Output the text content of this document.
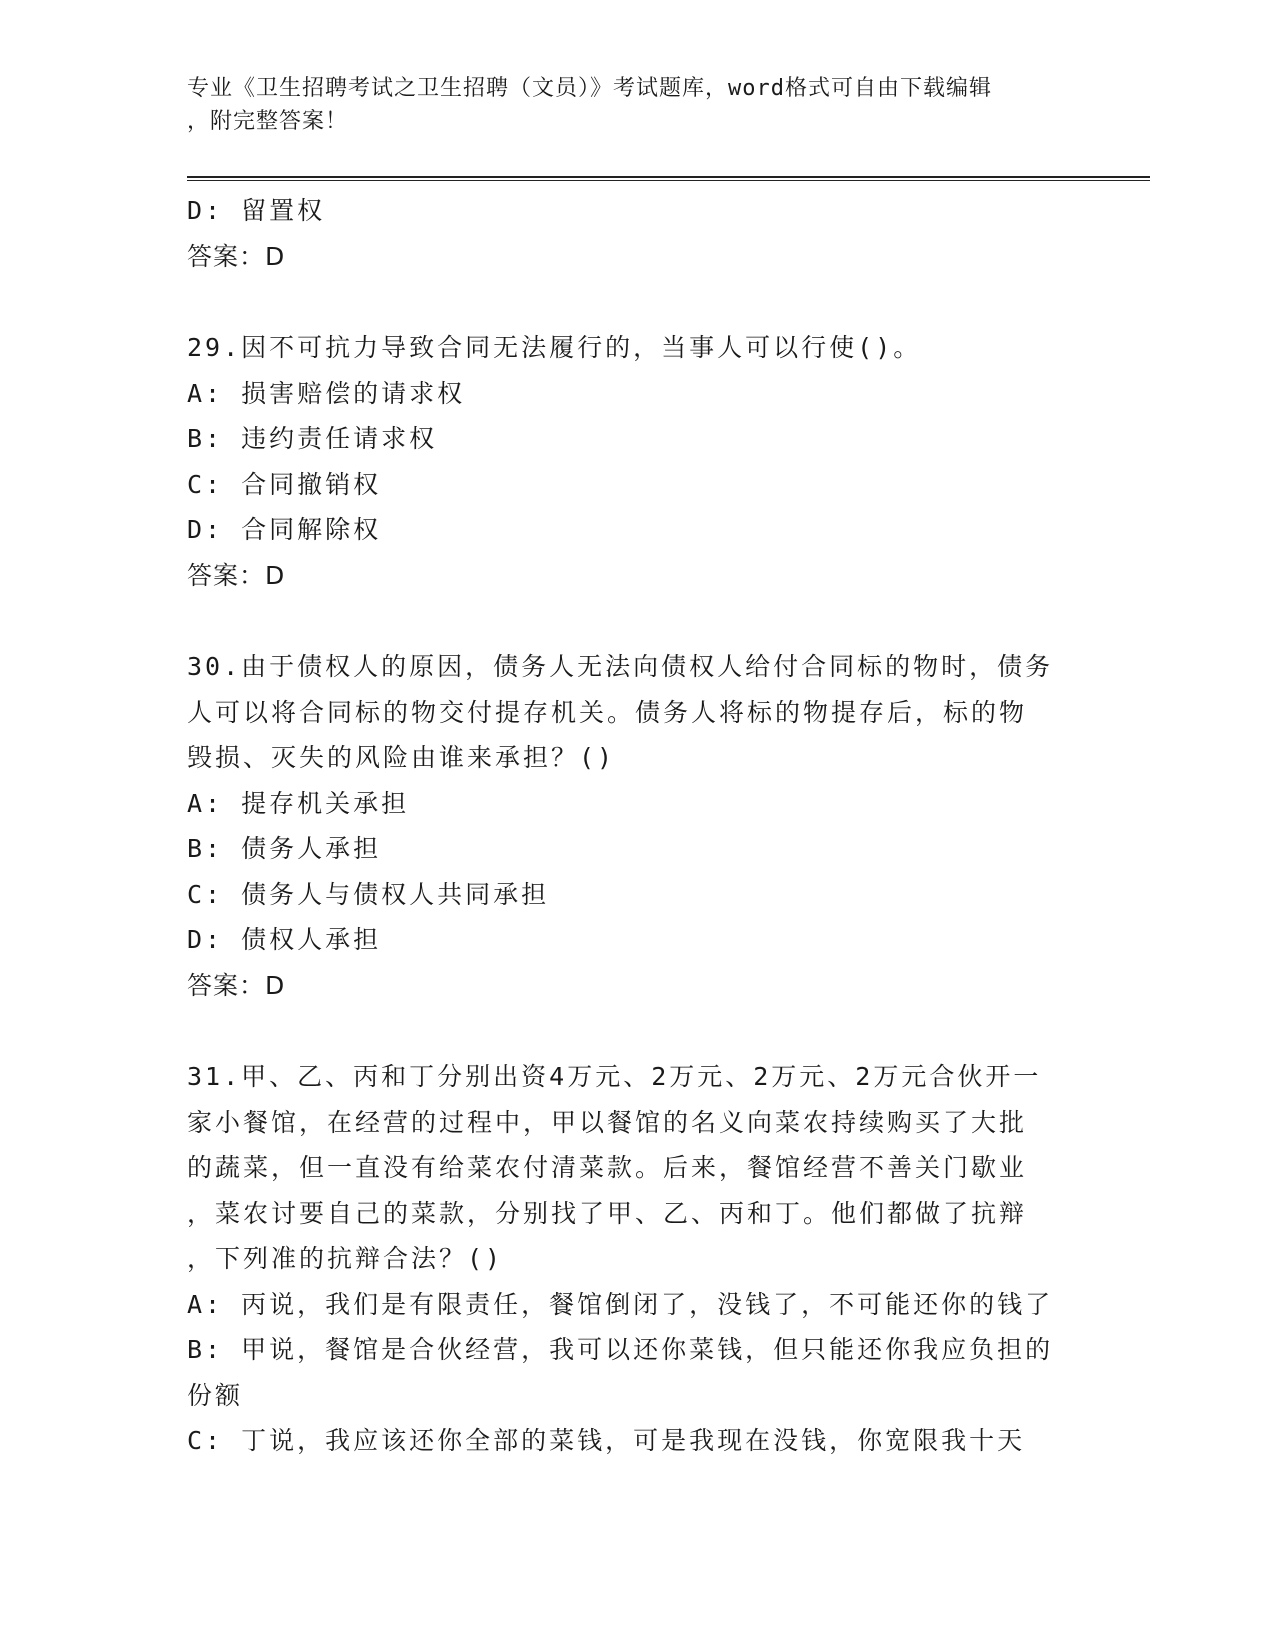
专业《卫生招聘考试之卫生招聘（文员）》考试题库，word格式可自由下载编辑
，附完整答案！
D: 留置权
答案：D
29.因不可抗力导致合同无法履行的，当事人可以行使()。
A: 损害赔偿的请求权
B: 违约责任请求权
C: 合同撤销权
D: 合同解除权
答案：D
30.由于债权人的原因，债务人无法向债权人给付合同标的物时，债务
人可以将合同标的物交付提存机关。债务人将标的物提存后，标的物
毁损、灭失的风险由谁来承担？()
A: 提存机关承担
B: 债务人承担
C: 债务人与债权人共同承担
D: 债权人承担
答案：D
31.甲、乙、丙和丁分别出资4万元、2万元、2万元、2万元合伙开一
家小餐馆，在经营的过程中，甲以餐馆的名义向菜农持续购买了大批
的蔬菜，但一直没有给菜农付清菜款。后来，餐馆经营不善关门歇业
，菜农讨要自己的菜款，分别找了甲、乙、丙和丁。他们都做了抗辩
，下列准的抗辩合法？()
A: 丙说，我们是有限责任，餐馆倒闭了，没钱了，不可能还你的钱了
B: 甲说，餐馆是合伙经营，我可以还你菜钱，但只能还你我应负担的
份额
C: 丁说，我应该还你全部的菜钱，可是我现在没钱，你宽限我十天
